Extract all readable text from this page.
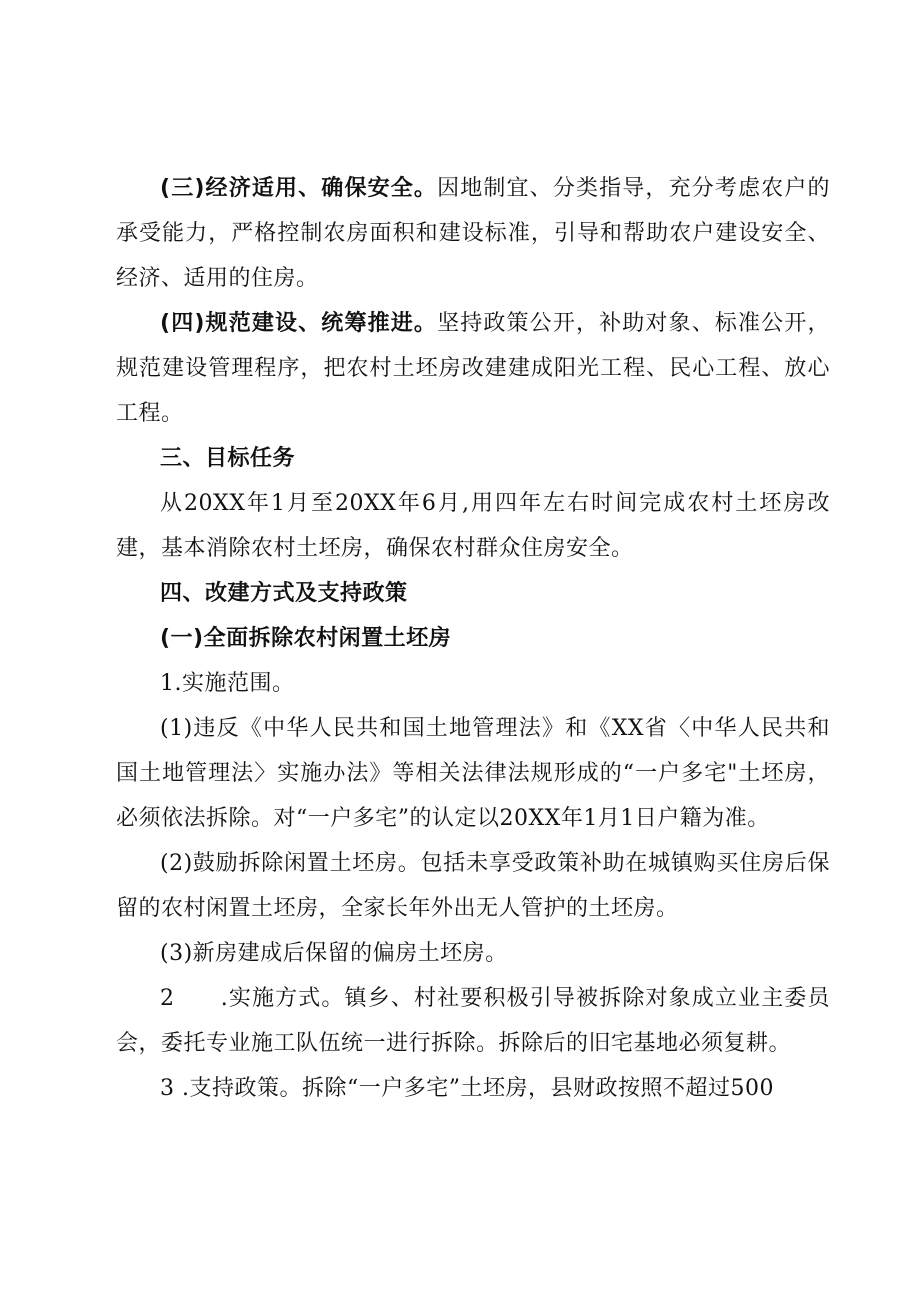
(三)经济适用、确保安全。因地制宜、分类指导，充分考虑农户的承受能力，严格控制农房面积和建设标准，引导和帮助农户建设安全、经济、适用的住房。

(四)规范建设、统筹推进。坚持政策公开，补助对象、标准公开，规范建设管理程序，把农村土坯房改建建成阳光工程、民心工程、放心工程。

三、目标任务

从20XX年1月至20XX年6月,用四年左右时间完成农村土坯房改建，基本消除农村土坯房，确保农村群众住房安全。

四、改建方式及支持政策

(一)全面拆除农村闲置土坯房

1.实施范围。

(1)违反《中华人民共和国土地管理法》和《XX省〈中华人民共和国土地管理法〉实施办法》等相关法律法规形成的“一户多宅"土坯房，必须依法拆除。对“一户多宅”的认定以20XX年1月1日户籍为准。

(2)鼓励拆除闲置土坯房。包括未享受政策补助在城镇购买住房后保留的农村闲置土坯房，全家长年外出无人管护的土坯房。

(3)新房建成后保留的偏房土坯房。

2 .实施方式。镇乡、村社要积极引导被拆除对象成立业主委员会，委托专业施工队伍统一进行拆除。拆除后的旧宅基地必须复耕。

3 .支持政策。拆除“一户多宅”土坯房，县财政按照不超过500
